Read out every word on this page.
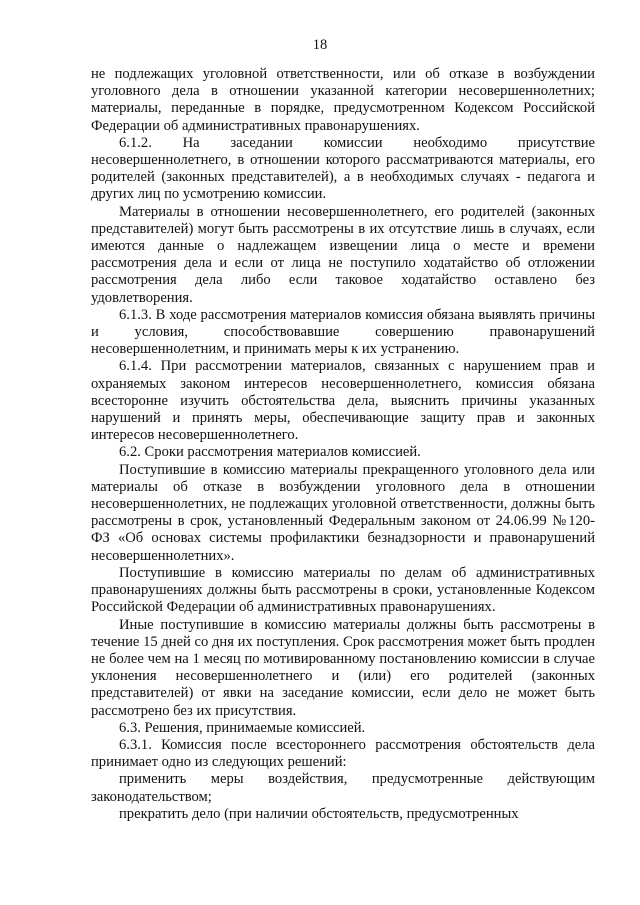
18

не подлежащих уголовной ответственности, или об отказе в возбуждении уголовного дела в отношении указанной категории несовершеннолетних; материалы, переданные в порядке, предусмотренном Кодексом Российской Федерации об административных правонарушениях.

6.1.2. На заседании комиссии необходимо присутствие несовершеннолетнего, в отношении которого рассматриваются материалы, его родителей (законных представителей), а в необходимых случаях - педагога и других лиц по усмотрению комиссии.

Материалы в отношении несовершеннолетнего, его родителей (законных представителей) могут быть рассмотрены в их отсутствие лишь в случаях, если имеются данные о надлежащем извещении лица о месте и времени рассмотрения дела и если от лица не поступило ходатайство об отложении рассмотрения дела либо если таковое ходатайство оставлено без удовлетворения.

6.1.3. В ходе рассмотрения материалов комиссия обязана выявлять причины и условия, способствовавшие совершению правонарушений несовершеннолетним, и принимать меры к их устранению.

6.1.4. При рассмотрении материалов, связанных с нарушением прав и охраняемых законом интересов несовершеннолетнего, комиссия обязана всесторонне изучить обстоятельства дела, выяснить причины указанных нарушений и принять меры, обеспечивающие защиту прав и законных интересов несовершеннолетнего.

6.2. Сроки рассмотрения материалов комиссией.

Поступившие в комиссию материалы прекращенного уголовного дела или материалы об отказе в возбуждении уголовного дела в отношении несовершеннолетних, не подлежащих уголовной ответственности, должны быть рассмотрены в срок, установленный Федеральным законом от 24.06.99 №120-ФЗ «Об основах системы профилактики безнадзорности и правонарушений несовершеннолетних».

Поступившие в комиссию материалы по делам об административных правонарушениях должны быть рассмотрены в сроки, установленные Кодексом Российской Федерации об административных правонарушениях.

Иные поступившие в комиссию материалы должны быть рассмотрены в течение 15 дней со дня их поступления. Срок рассмотрения может быть продлен не более чем на 1 месяц по мотивированному постановлению комиссии в случае уклонения несовершеннолетнего и (или) его родителей (законных представителей) от явки на заседание комиссии, если дело не может быть рассмотрено без их присутствия.

6.3. Решения, принимаемые комиссией.

6.3.1. Комиссия после всестороннего рассмотрения обстоятельств дела принимает одно из следующих решений:

применить меры воздействия, предусмотренные действующим законодательством;

прекратить дело (при наличии обстоятельств, предусмотренных
